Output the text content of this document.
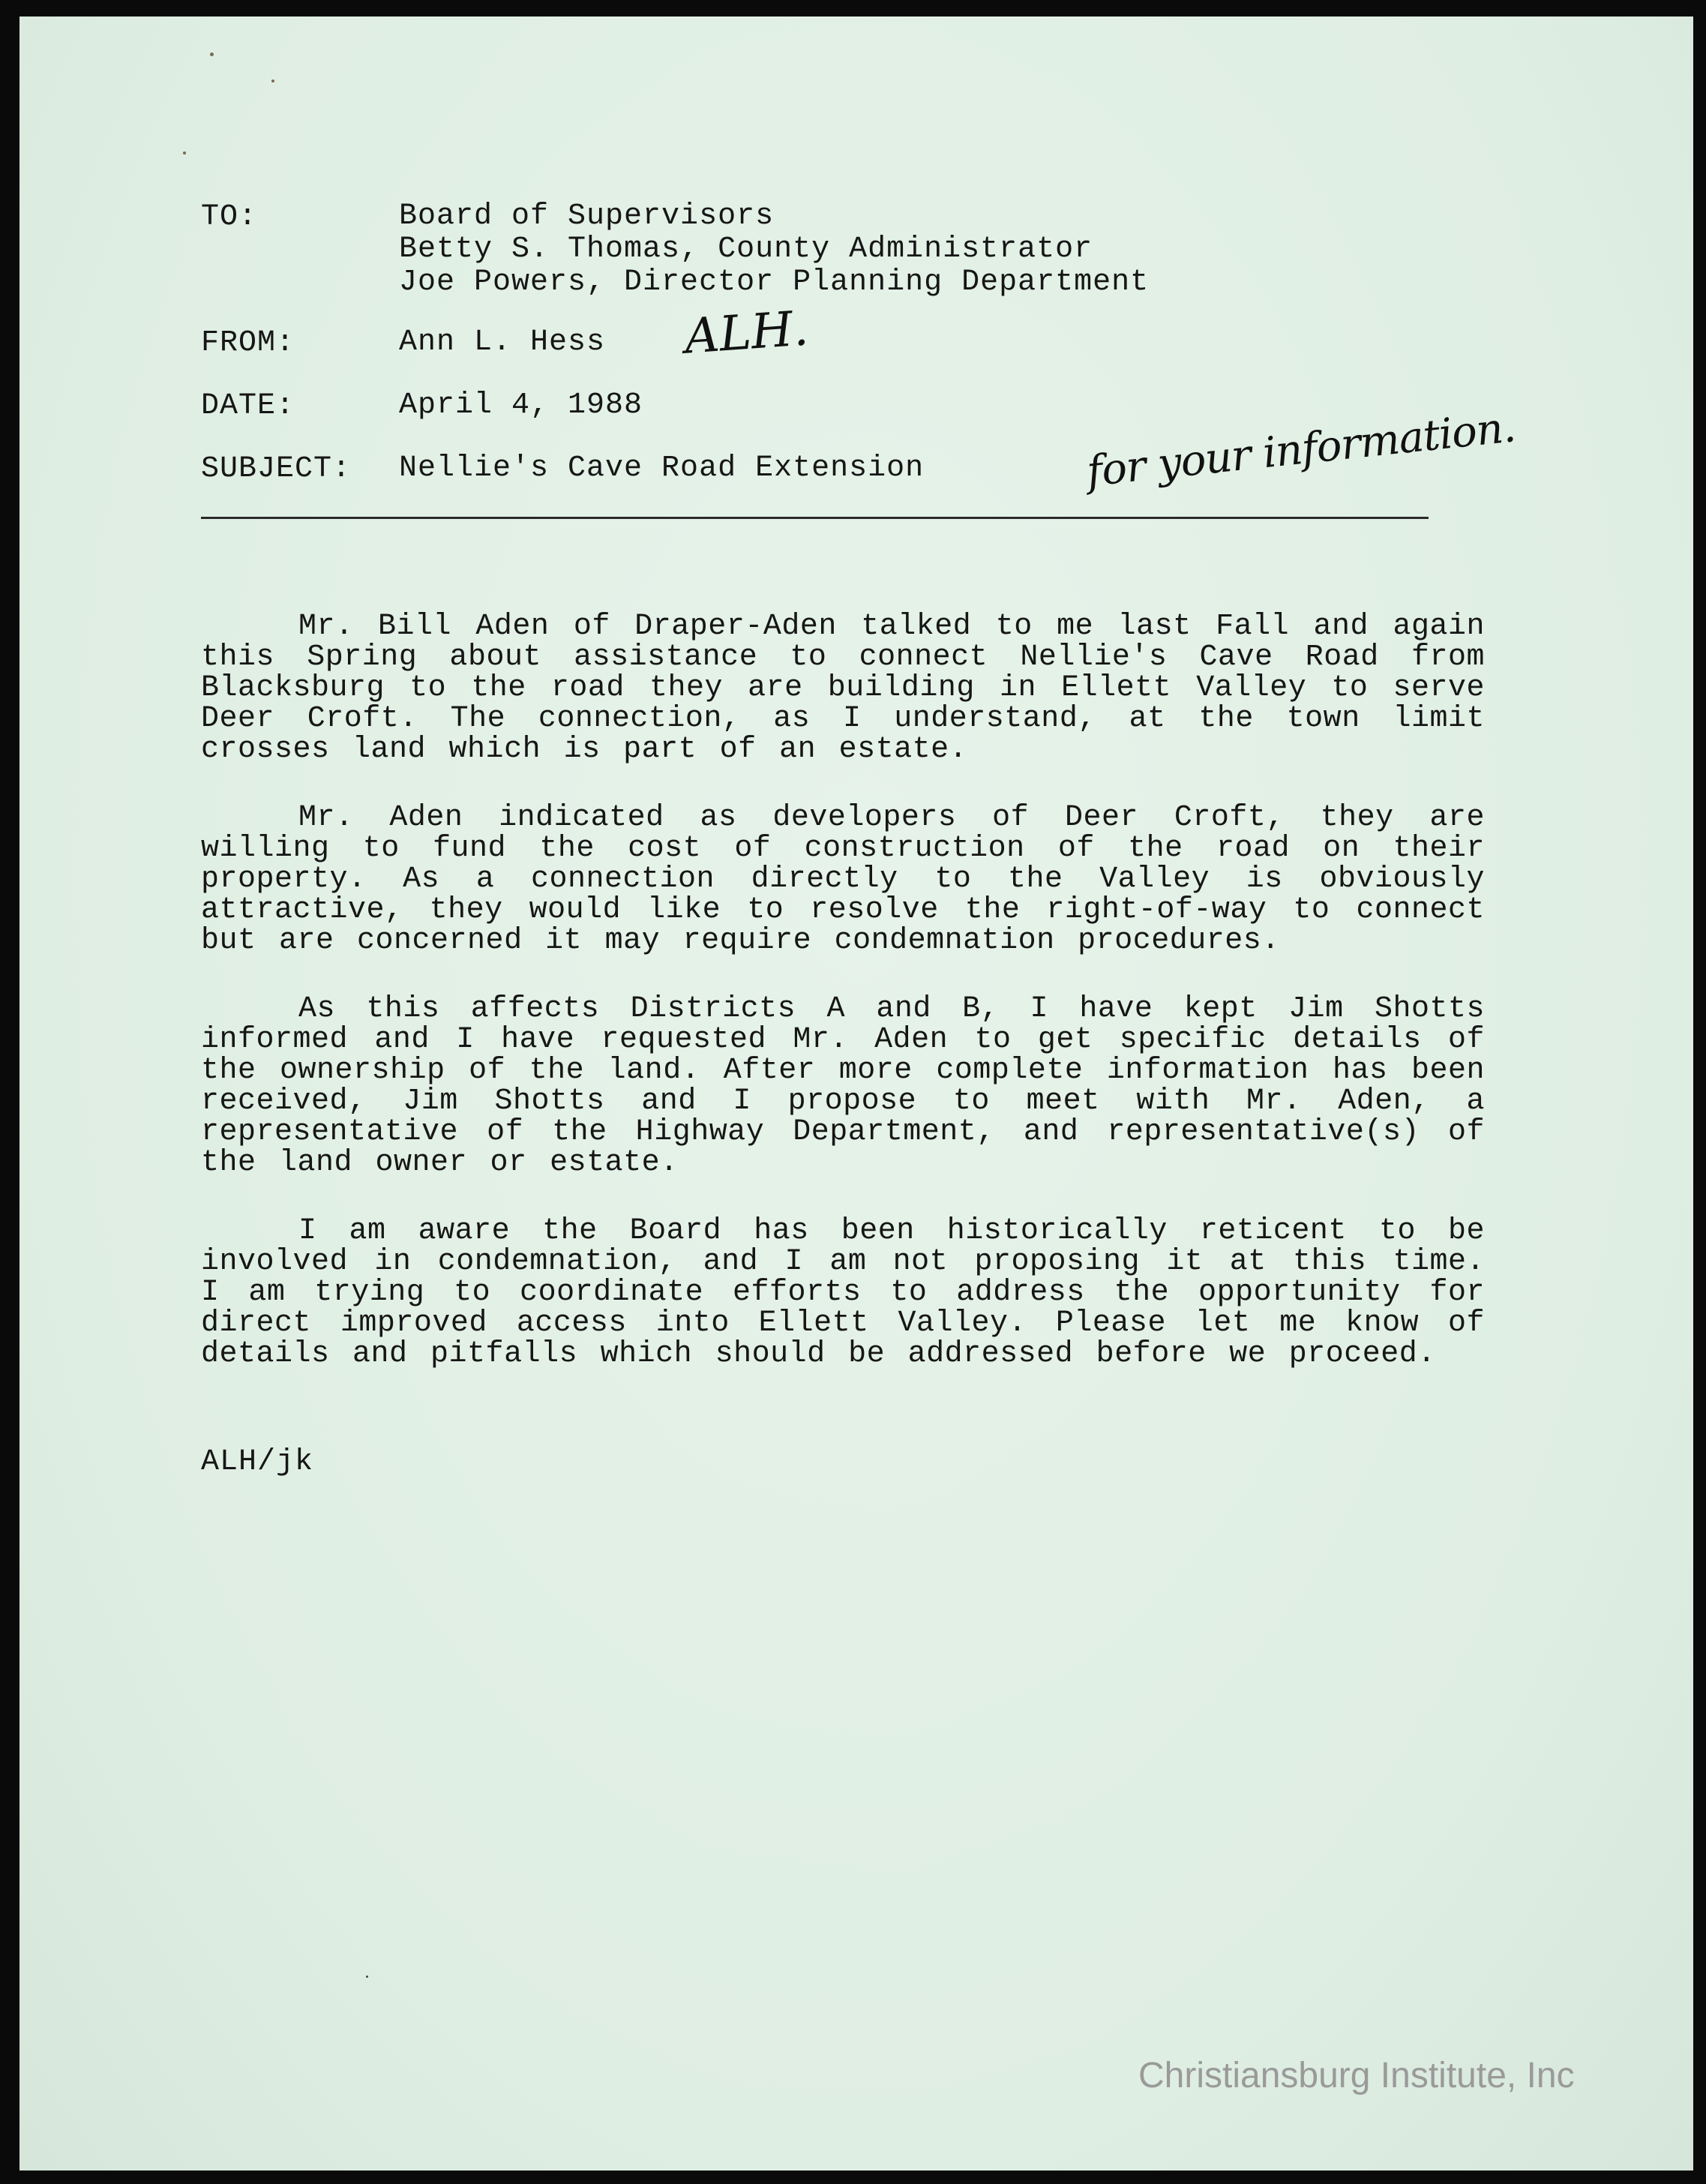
TO:	Board of Supervisors
Betty S. Thomas, County Administrator
Joe Powers, Director Planning Department
FROM:	Ann L. Hess
DATE:	April 4, 1988
SUBJECT:	Nellie's Cave Road Extension
ALH.
for your information.

Mr. Bill Aden of Draper-Aden talked to me last Fall and again this Spring about assistance to connect Nellie's Cave Road from Blacksburg to the road they are building in Ellett Valley to serve Deer Croft. The connection, as I understand, at the town limit crosses land which is part of an estate.

Mr. Aden indicated as developers of Deer Croft, they are willing to fund the cost of construction of the road on their property. As a connection directly to the Valley is obviously attractive, they would like to resolve the right-of-way to connect but are concerned it may require condemnation procedures.

As this affects Districts A and B, I have kept Jim Shotts informed and I have requested Mr. Aden to get specific details of the ownership of the land. After more complete information has been received, Jim Shotts and I propose to meet with Mr. Aden, a representative of the Highway Department, and representative(s) of the land owner or estate.

I am aware the Board has been historically reticent to be involved in condemnation, and I am not proposing it at this time. I am trying to coordinate efforts to address the opportunity for direct improved access into Ellett Valley. Please let me know of details and pitfalls which should be addressed before we proceed.

ALH/jk
Christiansburg Institute, Inc
